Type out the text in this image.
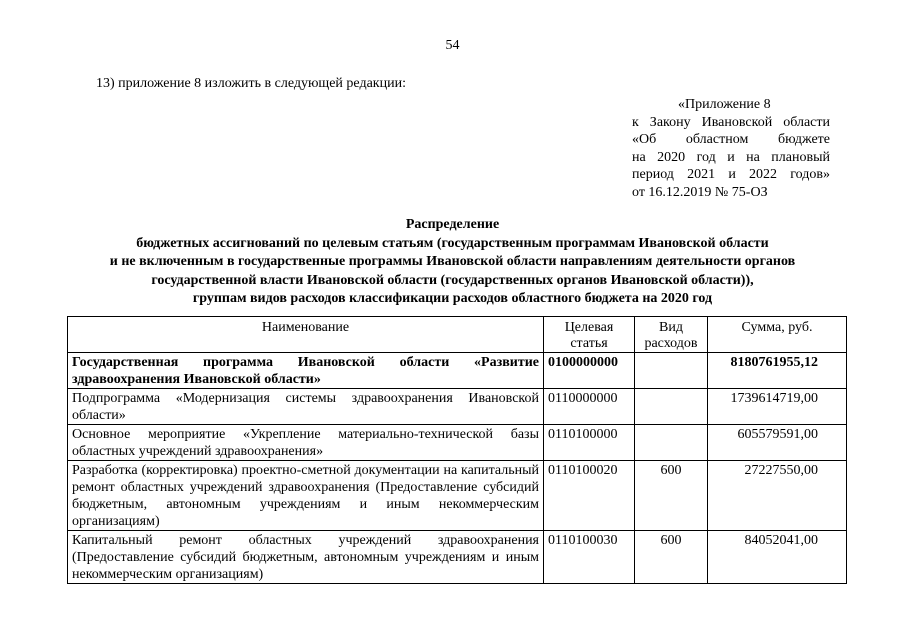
54
13) приложение 8 изложить в следующей редакции:
«Приложение 8
к Закону Ивановской области
«Об областном бюджете
на 2020 год и на плановый
период 2021 и 2022 годов»
от 16.12.2019 № 75-ОЗ
Распределение
бюджетных ассигнований по целевым статьям (государственным программам Ивановской области
и не включенным в государственные программы Ивановской области направлениям деятельности органов
государственной власти Ивановской области (государственных органов Ивановской области)),
группам видов расходов классификации расходов областного бюджета на 2020 год
Наименование	Целевая статья	Вид расходов	Сумма, руб.
Государственная программа Ивановской области «Развитие здравоохранения Ивановской области»	0100000000		8180761955,12
Подпрограмма «Модернизация системы здравоохранения Ивановской области»	0110000000		1739614719,00
Основное мероприятие «Укрепление материально-технической базы областных учреждений здравоохранения»	0110100000		605579591,00
Разработка (корректировка) проектно-сметной документации на капитальный ремонт областных учреждений здравоохранения (Предоставление субсидий бюджетным, автономным учреждениям и иным некоммерческим организациям)	0110100020	600	27227550,00
Капитальный ремонт областных учреждений здравоохранения (Предоставление субсидий бюджетным, автономным учреждениям и иным некоммерческим организациям)	0110100030	600	84052041,00
